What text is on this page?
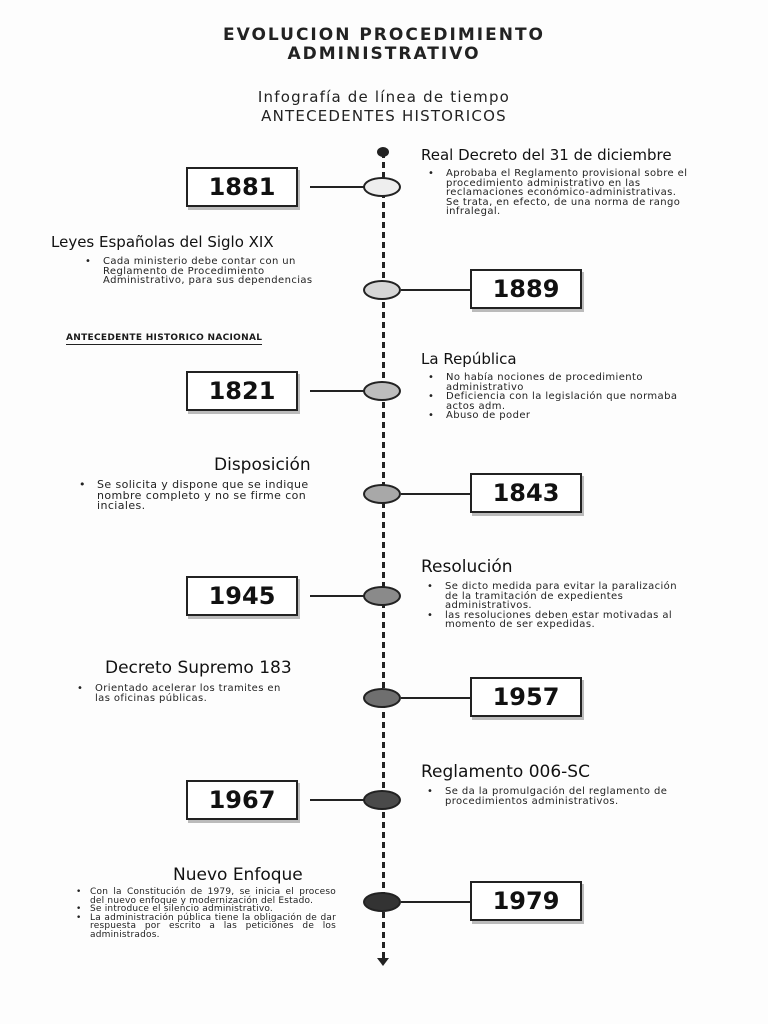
EVOLUCION PROCEDIMIENTO ADMINISTRATIVO
Infografía de línea de tiempo
ANTECEDENTES HISTORICOS
1881
Real Decreto del 31 de diciembre
• Aprobaba el Reglamento provisional sobre el procedimiento administrativo en las reclamaciones económico-administrativas. Se trata, en efecto, de una norma de rango infralegal.
1889
Leyes Españolas del Siglo XIX
• Cada ministerio debe contar con un Reglamento de Procedimiento Administrativo, para sus dependencias
ANTECEDENTE HISTORICO NACIONAL
1821
La República
• No había nociones de procedimiento administrativo
• Deficiencia con la legislación que normaba actos adm.
• Abuso de poder
1843
Disposición
• Se solicita y dispone que se indique nombre completo y no se firme con inciales.
1945
Resolución
• Se dicto medida para evitar la paralización de la tramitación de expedientes administrativos.
• las resoluciones deben estar motivadas al momento de ser expedidas.
1957
Decreto Supremo 183
• Orientado acelerar los tramites en las oficinas públicas.
1967
Reglamento 006-SC
• Se da la promulgación del reglamento de procedimientos administrativos.
1979
Nuevo Enfoque
• Con la Constitución de 1979, se inicia el proceso del nuevo enfoque y modernización del Estado.
• Se introduce el silencio administrativo.
• La administración pública tiene la obligación de dar respuesta por escrito a las peticiones de los administrados.
